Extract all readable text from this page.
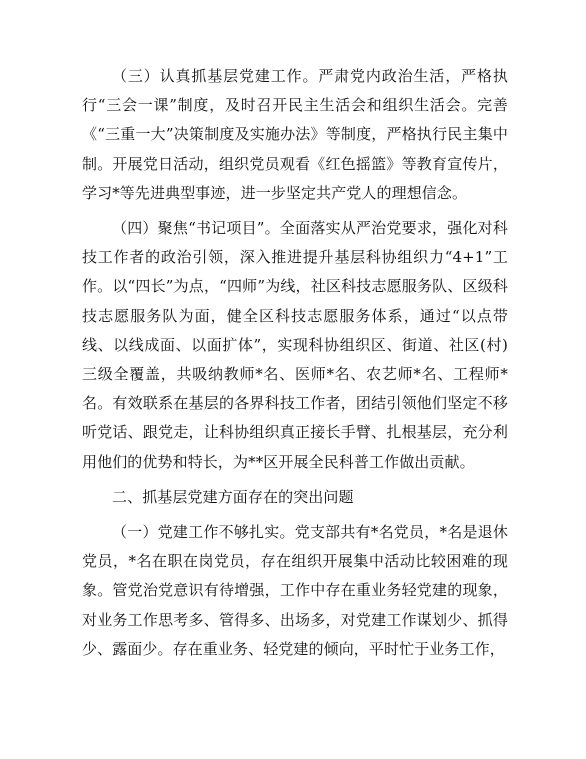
（三）认真抓基层党建工作。严肃党内政治生活，严格执行“三会一课”制度，及时召开民主生活会和组织生活会。完善《“三重一大”决策制度及实施办法》等制度，严格执行民主集中制。开展党日活动，组织党员观看《红色摇篮》等教育宣传片，学习*等先进典型事迹，进一步坚定共产党人的理想信念。

（四）聚焦“书记项目”。全面落实从严治党要求，强化对科技工作者的政治引领，深入推进提升基层科协组织力“4+1”工作。以“四长”为点，“四师”为线，社区科技志愿服务队、区级科技志愿服务队为面，健全区科技志愿服务体系，通过“以点带线、以线成面、以面扩体”，实现科协组织区、街道、社区(村)三级全覆盖，共吸纳教师*名、医师*名、农艺师*名、工程师*名。有效联系在基层的各界科技工作者，团结引领他们坚定不移听党话、跟党走，让科协组织真正接长手臂、扎根基层，充分利用他们的优势和特长，为**区开展全民科普工作做出贡献。

二、抓基层党建方面存在的突出问题

（一）党建工作不够扎实。党支部共有*名党员，*名是退休党员，*名在职在岗党员，存在组织开展集中活动比较困难的现象。管党治党意识有待增强，工作中存在重业务轻党建的现象，对业务工作思考多、管得多、出场多，对党建工作谋划少、抓得少、露面少。存在重业务、轻党建的倾向，平时忙于业务工作，
